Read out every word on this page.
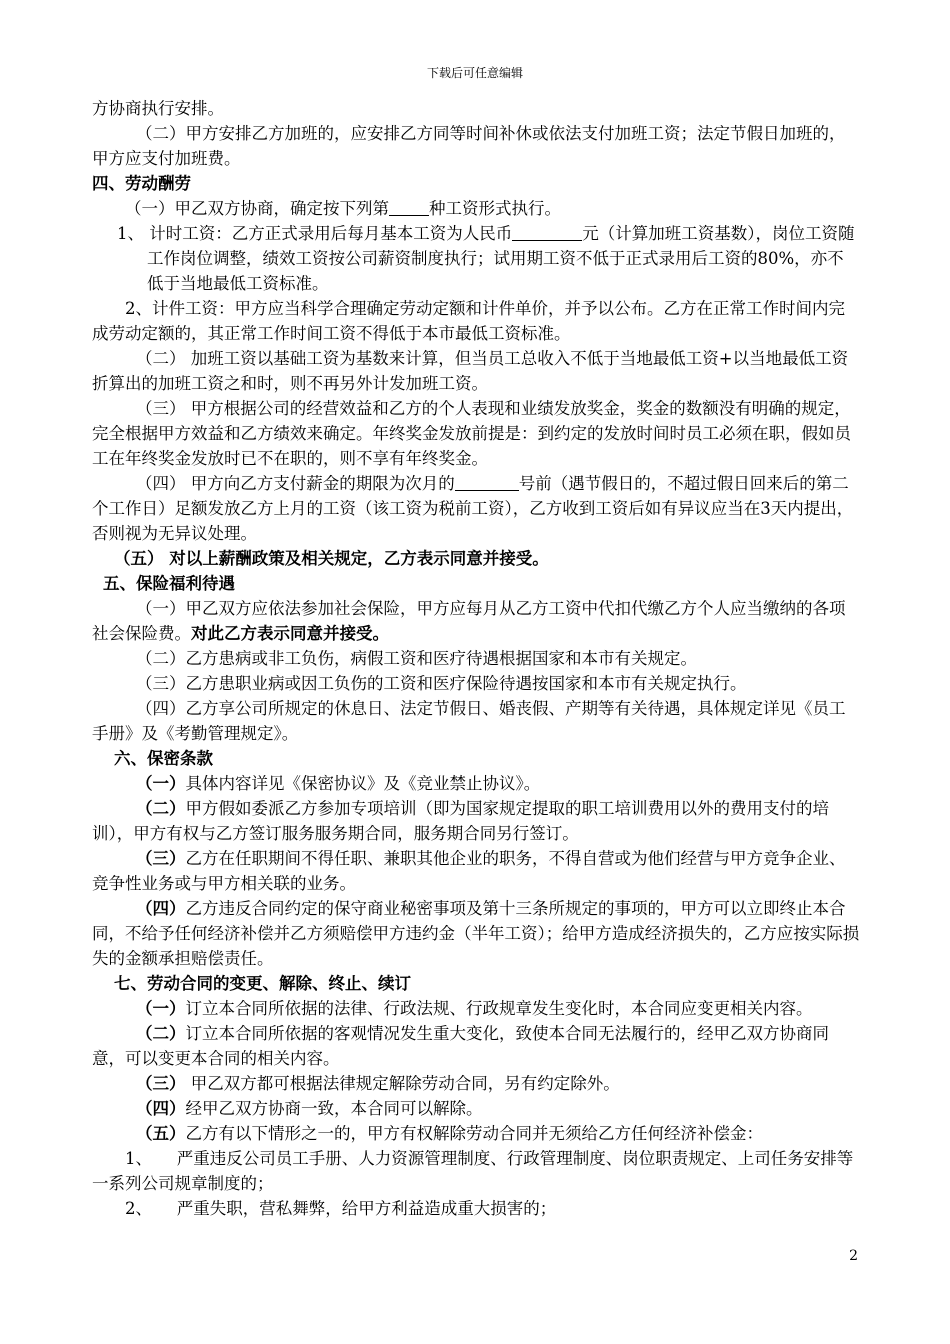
下载后可任意编辑

方协商执行安排。

（二）甲方安排乙方加班的，应安排乙方同等时间补休或依法支付加班工资；法定节假日加班的，甲方应支付加班费。

四、劳动酬劳

（一）甲乙双方协商，确定按下列第 种工资形式执行。

1、 计时工资：乙方正式录用后每月基本工资为人民币	元（计算加班工资基数），岗位工资随工作岗位调整，绩效工资按公司薪资制度执行；试用期工资不低于正式录用后工资的80%，亦不低于当地最低工资标准。

2、计件工资：甲方应当科学合理确定劳动定额和计件单价，并予以公布。乙方在正常工作时间内完成劳动定额的，其正常工作时间工资不得低于本市最低工资标准。

（二） 加班工资以基础工资为基数来计算，但当员工总收入不低于当地最低工资+以当地最低工资折算出的加班工资之和时，则不再另外计发加班工资。

（三） 甲方根据公司的经营效益和乙方的个人表现和业绩发放奖金，奖金的数额没有明确的规定，完全根据甲方效益和乙方绩效来确定。年终奖金发放前提是：到约定的发放时间时员工必须在职，假如员工在年终奖金发放时已不在职的，则不享有年终奖金。

（四） 甲方向乙方支付薪金的期限为次月的	号前（遇节假日的，不超过假日回来后的第二个工作日）足额发放乙方上月的工资（该工资为税前工资），乙方收到工资后如有异议应当在3天内提出，否则视为无异议处理。

（五） 对以上薪酬政策及相关规定，乙方表示同意并接受。

五、保险福利待遇

（一）甲乙双方应依法参加社会保险，甲方应每月从乙方工资中代扣代缴乙方个人应当缴纳的各项社会保险费。对此乙方表示同意并接受。

（二）乙方患病或非工负伤，病假工资和医疗待遇根据国家和本市有关规定。

（三）乙方患职业病或因工负伤的工资和医疗保险待遇按国家和本市有关规定执行。

（四）乙方享公司所规定的休息日、法定节假日、婚丧假、产期等有关待遇，具体规定详见《员工手册》及《考勤管理规定》。

六、保密条款

（一）具体内容详见《保密协议》及《竞业禁止协议》。

（二）甲方假如委派乙方参加专项培训（即为国家规定提取的职工培训费用以外的费用支付的培训），甲方有权与乙方签订服务服务期合同，服务期合同另行签订。

（三）乙方在任职期间不得任职、兼职其他企业的职务，不得自营或为他们经营与甲方竞争企业、竞争性业务或与甲方相关联的业务。

（四）乙方违反合同约定的保守商业秘密事项及第十三条所规定的事项的，甲方可以立即终止本合同，不给予任何经济补偿并乙方须赔偿甲方违约金（半年工资）；给甲方造成经济损失的，乙方应按实际损失的金额承担赔偿责任。

七、劳动合同的变更、解除、终止、续订

（一）订立本合同所依据的法律、行政法规、行政规章发生变化时，本合同应变更相关内容。

（二）订立本合同所依据的客观情况发生重大变化，致使本合同无法履行的，经甲乙双方协商同意，可以变更本合同的相关内容。

（三） 甲乙双方都可根据法律规定解除劳动合同，另有约定除外。

（四）经甲乙双方协商一致，本合同可以解除。

（五）乙方有以下情形之一的，甲方有权解除劳动合同并无须给乙方任何经济补偿金：

1、　　严重违反公司员工手册、人力资源管理制度、行政管理制度、岗位职责规定、上司任务安排等一系列公司规章制度的；

2、　　严重失职，营私舞弊，给甲方利益造成重大损害的；

2
